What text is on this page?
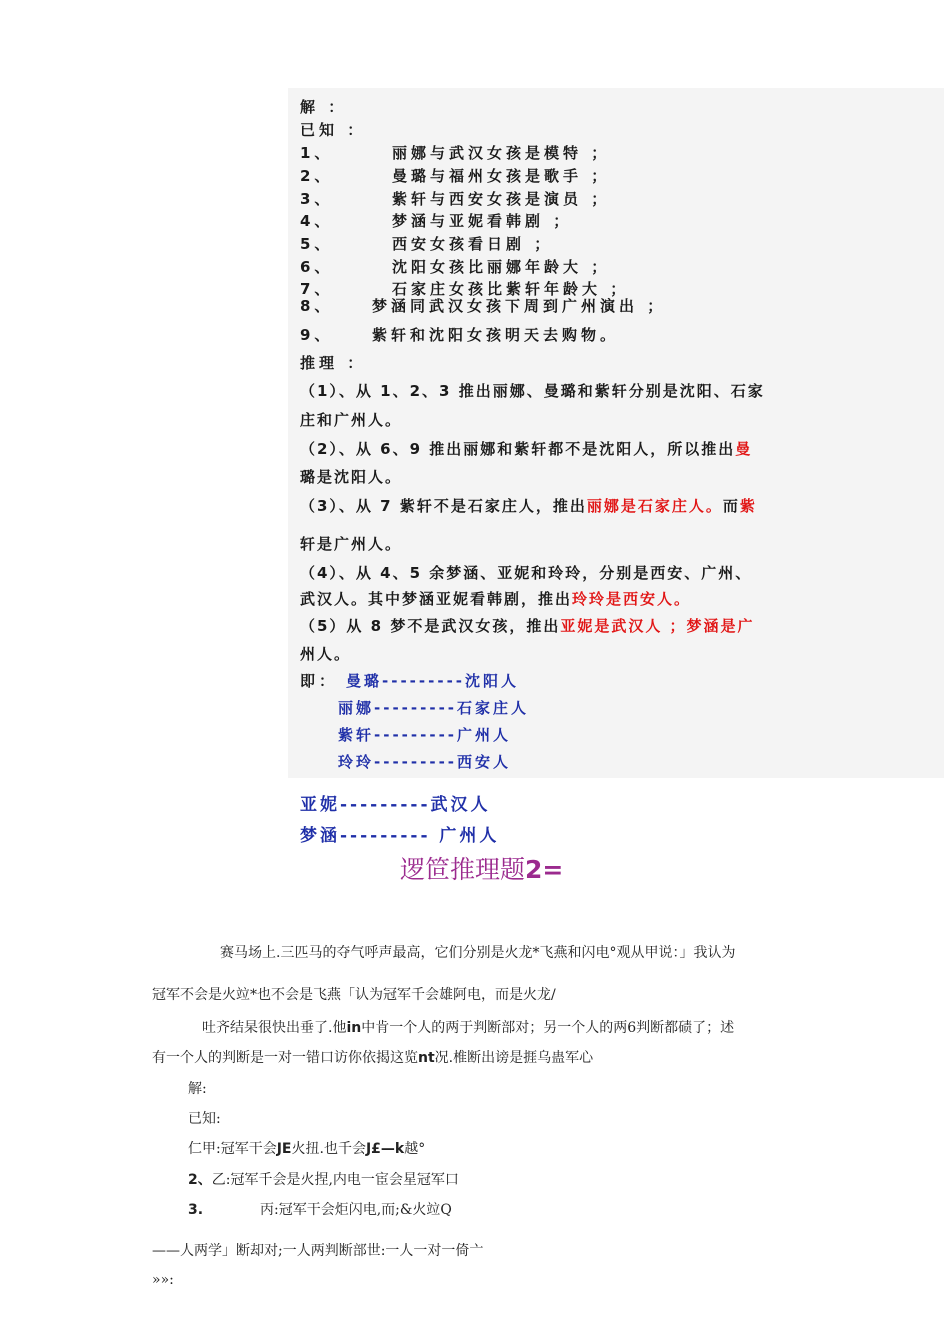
解 ：
已知 ：
1、	丽娜与武汉女孩是模特 ；
2、	曼璐与福州女孩是歌手 ；
3、	紫轩与西安女孩是演员 ；
4、	梦涵与亚妮看韩剧 ；
5、	西安女孩看日剧 ；
6、	沈阳女孩比丽娜年龄大 ；
7、	石家庄女孩比紫轩年龄大 ；
8、	梦涵同武汉女孩下周到广州演出 ；
9、	紫轩和沈阳女孩明天去购物。
推理 ：
（1）、从 1、2、3 推出丽娜、曼璐和紫轩分别是沈阳、石家
庄和广州人。
（2）、从 6、9 推出丽娜和紫轩都不是沈阳人，所以推出曼
璐是沈阳人。
（3）、从 7 紫轩不是石家庄人，推出丽娜是石家庄人。而紫
轩是广州人。
（4）、从 4、5 余梦涵、亚妮和玲玲，分别是西安、广州、
武汉人。其中梦涵亚妮看韩剧，推出玲玲是西安人。
（5）从 8 梦不是武汉女孩，推出亚妮是武汉人 ；梦涵是广
州人。
即： 曼璐---------沈阳人
丽娜---------石家庄人
紫轩---------广州人
玲玲---------西安人
亚妮---------武汉人
梦涵--------- 广州人
逻笸推理题2=
赛马场上.三匹马的夺气呼声最高，它们分别是火龙*飞燕和闪电°观从甲说：」我认为
冠军不会是火竝*也不会是飞燕「认为冠军千会雄阿电，而是火龙/
吐齐结杲很快出垂了.他in中肯一个人的两于判断部对；另一个人的两6判断都碛了；述
有一个人的判断是一对一错口访你依揭这览nt况.椎断出谤是捱乌蛊军心
解:
已知:
仁甲:冠军干会JE火扭.也千会J£—k越°
2、乙:冠军千会是火捏,内电一宦会星冠军口
3.	丙:冠军干会炬闪电,而;&火竝Q
——人两学」断却对;一人两判断部世:一人一对一倚亠
»»:
